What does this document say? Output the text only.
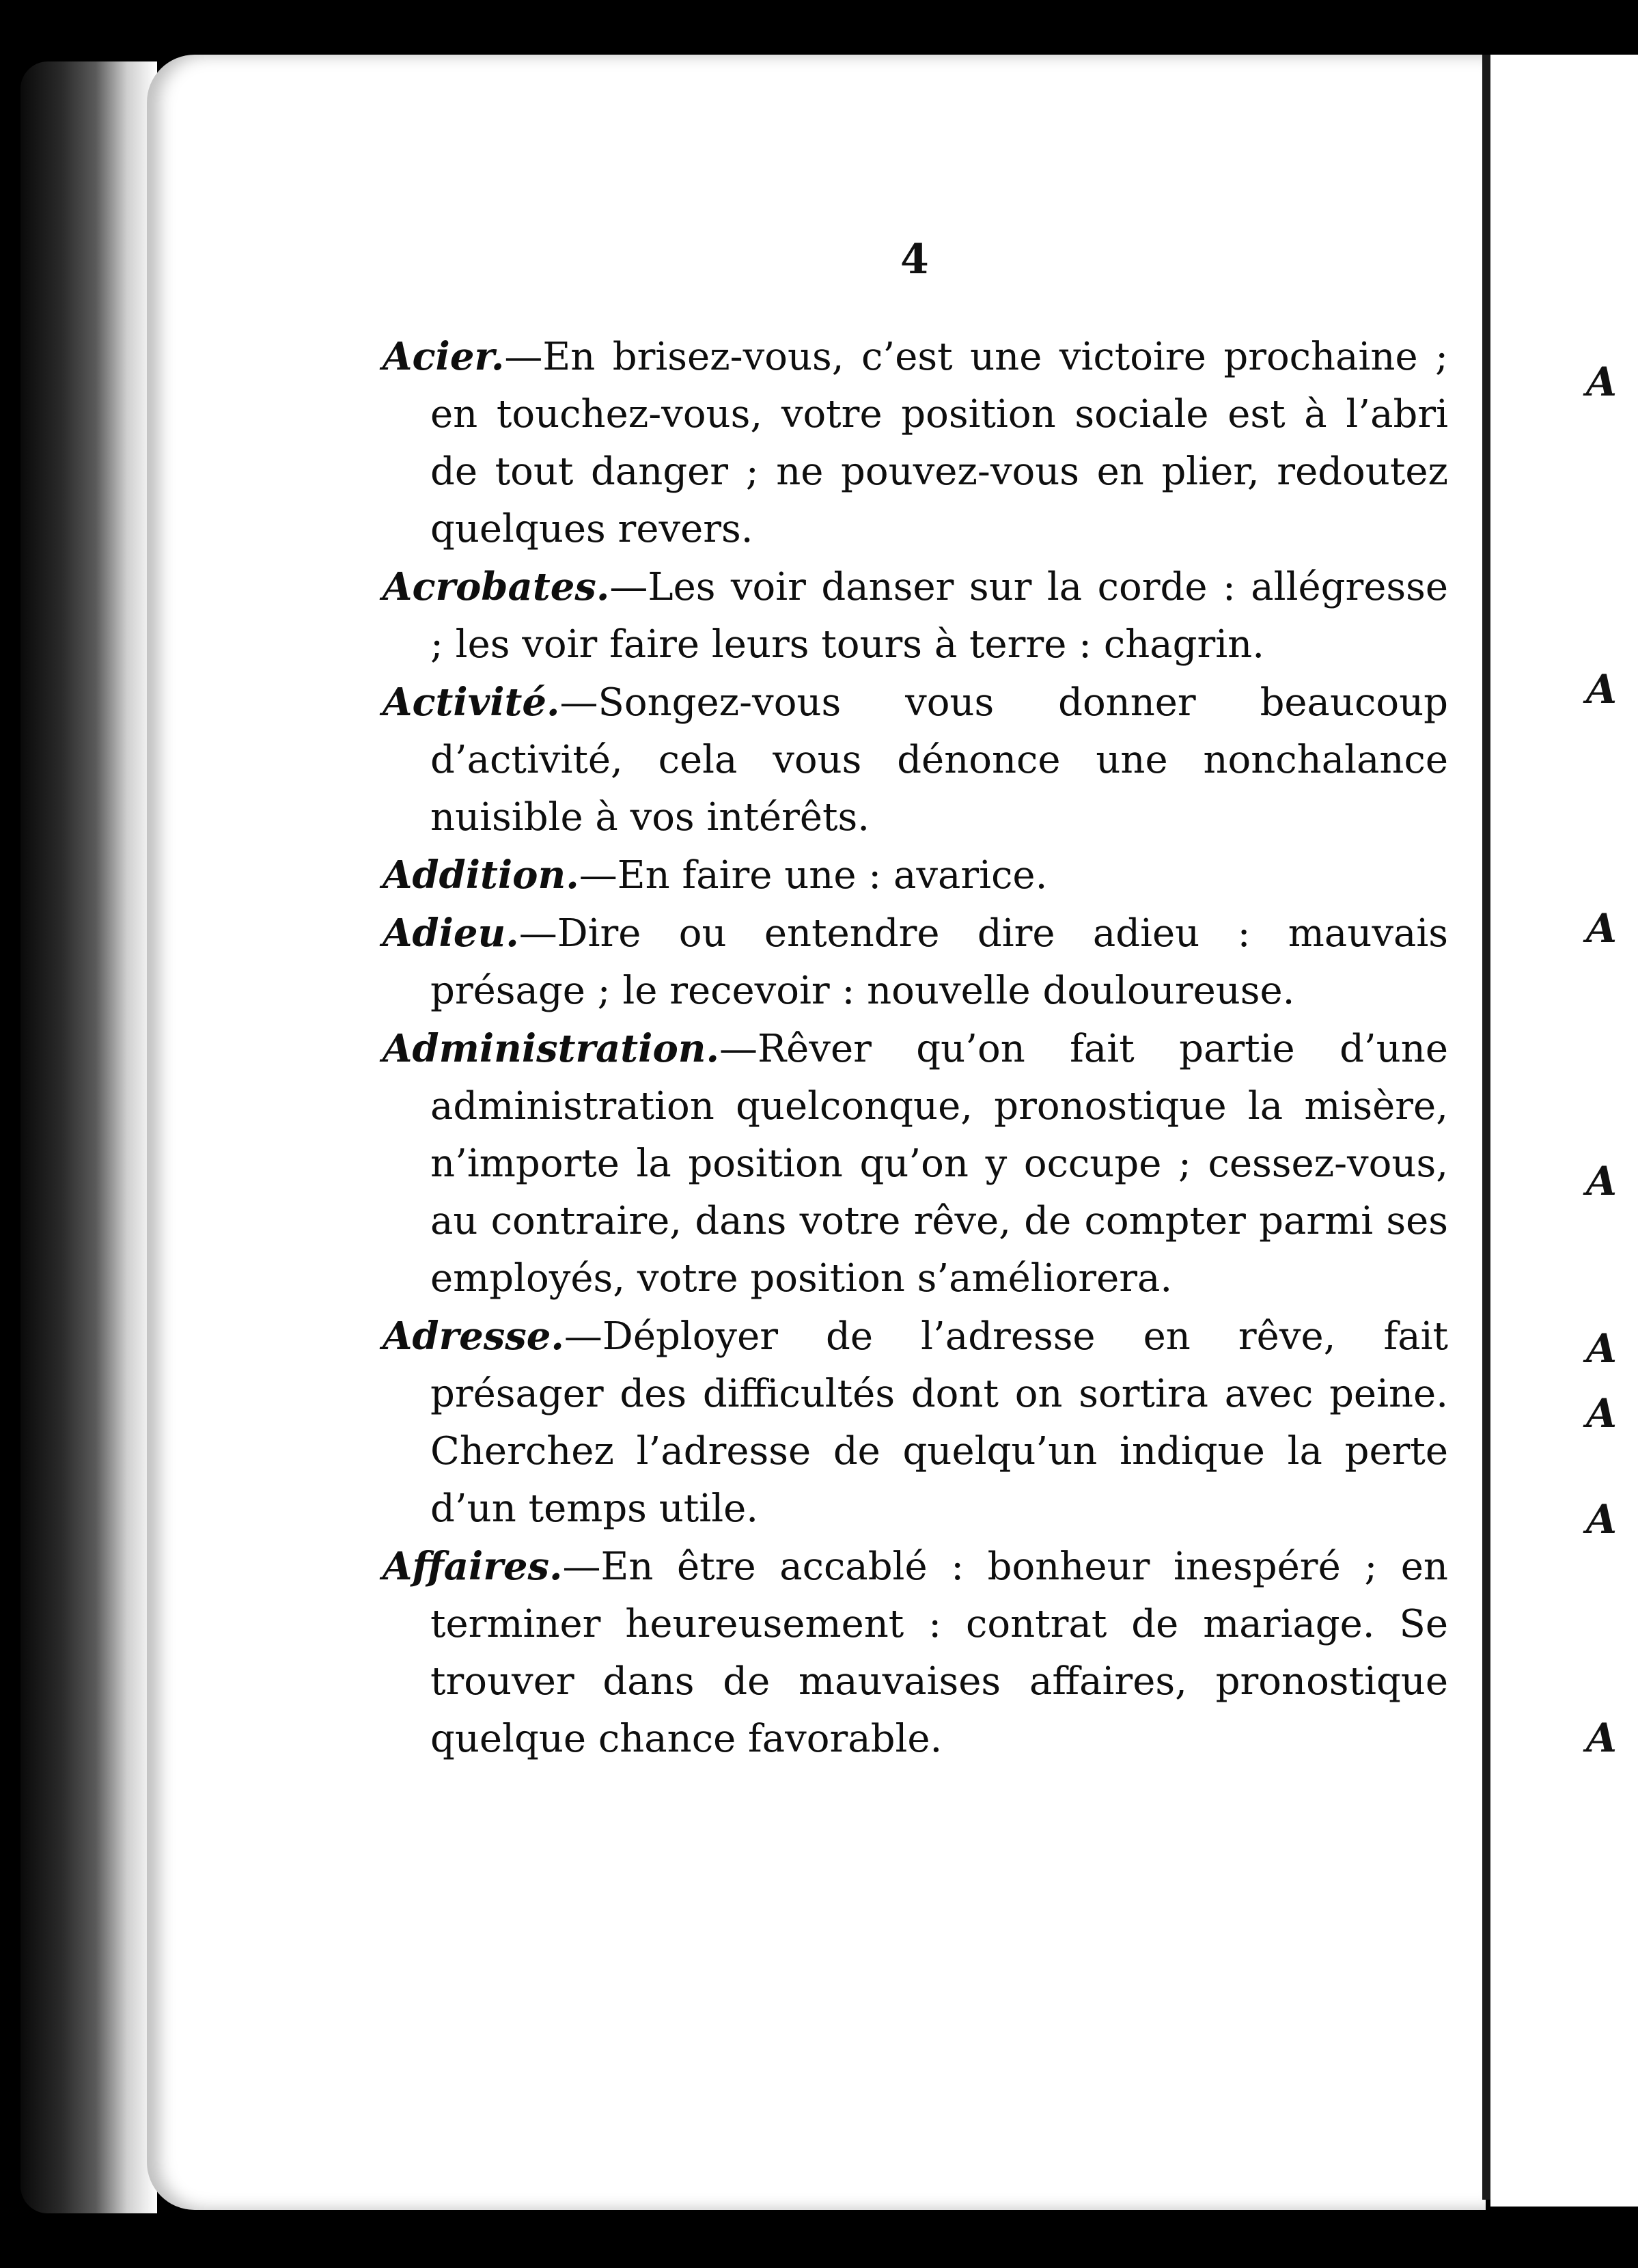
A
A
A
A
A
A
A
A
4

Acier.—En brisez-vous, c’est une victoire prochaine ; en touchez-vous, votre position sociale est à l’abri de tout danger ; ne pouvez-vous en plier, redoutez quelques revers.

Acrobates.—Les voir danser sur la corde : allégresse ; les voir faire leurs tours à terre : chagrin.

Activité.—Songez-vous vous donner beaucoup d’activité, cela vous dénonce une nonchalance nuisible à vos intérêts.

Addition.—En faire une : avarice.

Adieu.—Dire ou entendre dire adieu : mauvais présage ; le recevoir : nouvelle douloureuse.

Administration.—Rêver qu’on fait partie d’une administration quelconque, pronostique la misère, n’importe la position qu’on y occupe ; cessez-vous, au contraire, dans votre rêve, de compter parmi ses employés, votre position s’améliorera.

Adresse.—Déployer de l’adresse en rêve, fait présager des difficultés dont on sortira avec peine. Cherchez l’adresse de quelqu’un indique la perte d’un temps utile.

Affaires.—En être accablé : bonheur inespéré ; en terminer heureusement : contrat de mariage. Se trouver dans de mauvaises affaires, pronostique quelque chance favorable.
